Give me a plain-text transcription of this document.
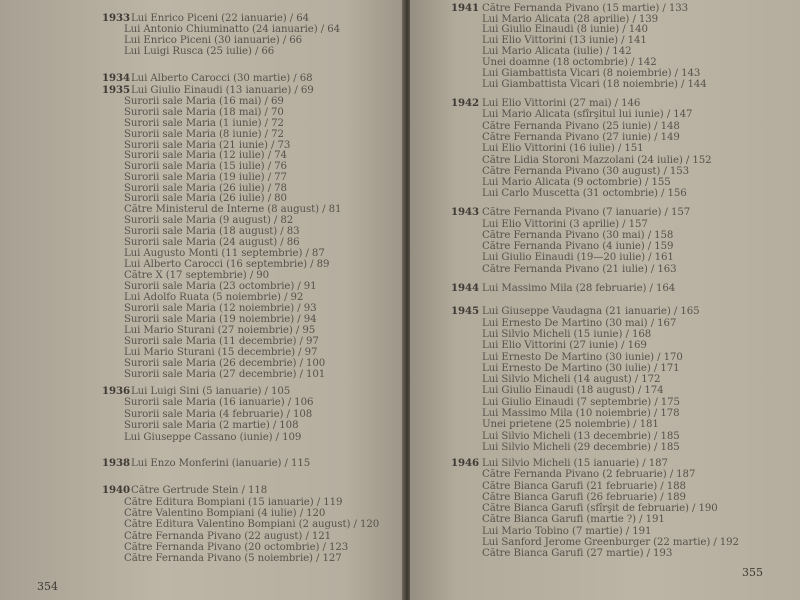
1933 Lui Enrico Piceni (22 ianuarie) / 64
Lui Antonio Chiuminatto (24 ianuarie) / 64
Lui Enrico Piceni (30 ianuarie) / 66
Lui Luigi Rusca (25 iulie) / 66
1934 Lui Alberto Carocci (30 martie) / 68
1935 Lui Giulio Einaudi (13 ianuarie) / 69
Surorii sale Maria (16 mai) / 69
Surorii sale Maria (18 mai) / 70
Surorii sale Maria (1 iunie) / 72
Surorii sale Maria (8 iunie) / 72
Surorii sale Maria (21 iunie) / 73
Surorii sale Maria (12 iulie) / 74
Surorii sale Maria (15 iulie) / 76
Surorii sale Maria (19 iulie) / 77
Surorii sale Maria (26 iulie) / 78
Surorii sale Maria (26 iulie) / 80
Către Ministerul de Interne (8 august) / 81
Surorii sale Maria (9 august) / 82
Surorii sale Maria (18 august) / 83
Surorii sale Maria (24 august) / 86
Lui Augusto Monti (11 septembrie) / 87
Lui Alberto Carocci (16 septembrie) / 89
Către X (17 septembrie) / 90
Surorii sale Maria (23 octombrie) / 91
Lui Adolfo Ruata (5 noiembrie) / 92
Surorii sale Maria (12 noiembrie) / 93
Surorii sale Maria (19 noiembrie) / 94
Lui Mario Sturani (27 noiembrie) / 95
Surorii sale Maria (11 decembrie) / 97
Lui Mario Sturani (15 decembrie) / 97
Surorii sale Maria (26 decembrie) / 100
Surorii sale Maria (27 decembrie) / 101
1936 Lui Luigi Sini (5 ianuarie) / 105
Surorii sale Maria (16 ianuarie) / 106
Surorii sale Maria (4 februarie) / 108
Surorii sale Maria (2 martie) / 108
Lui Giuseppe Cassano (iunie) / 109
1938 Lui Enzo Monferini (ianuarie) / 115
1940 Către Gertrude Stein / 118
Către Editura Bompiani (15 ianuarie) / 119
Către Valentino Bompiani (4 iulie) / 120
Către Editura Valentino Bompiani (2 august) / 120
Către Fernanda Pivano (22 august) / 121
Către Fernanda Pivano (20 octombrie) / 123
Către Fernanda Pivano (5 noiembrie) / 127
354
1941 Către Fernanda Pivano (15 martie) / 133
Lui Mario Alicata (28 aprilie) / 139
Lui Giulio Einaudi (8 iunie) / 140
Lui Elio Vittorini (13 iunie) / 141
Lui Mario Alicata (iulie) / 142
Unei doamne (18 octombrie) / 142
Lui Giambattista Vicari (8 noiembrie) / 143
Lui Giambattista Vicari (18 noiembrie) / 144
1942 Lui Elio Vittorini (27 mai) / 146
Lui Mario Alicata (sfîrşitul lui iunie) / 147
Către Fernanda Pivano (25 iunie) / 148
Către Fernanda Pivano (27 iunie) / 149
Lui Elio Vittorini (16 iulie) / 151
Către Lidia Storoni Mazzolani (24 iulie) / 152
Către Fernanda Pivano (30 august) / 153
Lui Mario Alicata (9 octombrie) / 155
Lui Carlo Muscetta (31 octombrie) / 156
1943 Către Fernanda Pivano (7 ianuarie) / 157
Lui Elio Vittorini (3 aprilie) / 157
Către Fernanda Pivano (30 mai) / 158
Către Fernanda Pivano (4 iunie) / 159
Lui Giulio Einaudi (19—20 iulie) / 161
Către Fernanda Pivano (21 iulie) / 163
1944 Lui Massimo Mila (28 februarie) / 164
1945 Lui Giuseppe Vaudagna (21 ianuarie) / 165
Lui Ernesto De Martino (30 mai) / 167
Lui Silvio Micheli (15 iunie) / 168
Lui Elio Vittorini (27 iunie) / 169
Lui Ernesto De Martino (30 iunie) / 170
Lui Ernesto De Martino (30 iulie) / 171
Lui Silvio Micheli (14 august) / 172
Lui Giulio Einaudi (18 august) / 174
Lui Giulio Einaudi (7 septembrie) / 175
Lui Massimo Mila (10 noiembrie) / 178
Unei prietene (25 noiembrie) / 181
Lui Silvio Micheli (13 decembrie) / 185
Lui Silvio Micheli (29 decembrie) / 185
1946 Lui Silvio Micheli (15 ianuarie) / 187
Către Fernanda Pivano (2 februarie) / 187
Către Bianca Garufi (21 februarie) / 188
Către Bianca Garufi (26 februarie) / 189
Către Bianca Garufi (sfîrşit de februarie) / 190
Către Bianca Garufi (martie ?) / 191
Lui Mario Tobino (7 martie) / 191
Lui Sanford Jerome Greenburger (22 martie) / 192
Către Bianca Garufi (27 martie) / 193
355
